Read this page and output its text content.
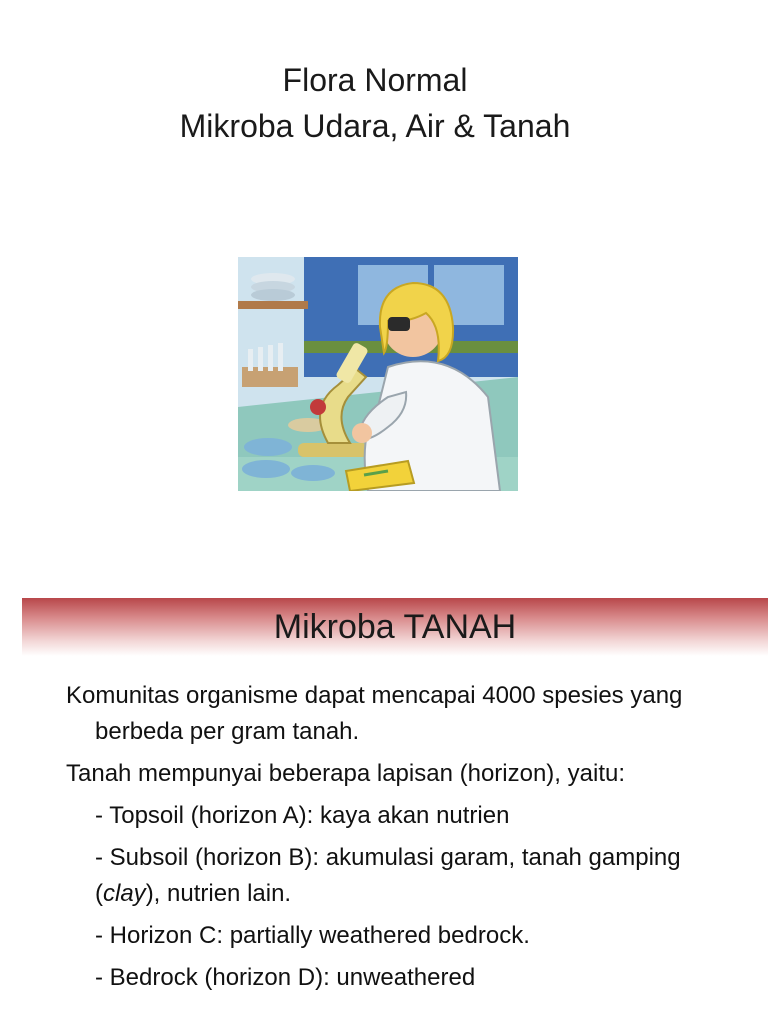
Flora Normal
Mikroba Udara, Air & Tanah
Mikroba TANAH

Komunitas organisme dapat mencapai 4000 spesies yang berbeda per gram tanah.

Tanah mempunyai beberapa lapisan (horizon), yaitu:

- Topsoil (horizon A): kaya akan nutrien

- Subsoil (horizon B): akumulasi garam, tanah gamping (clay), nutrien lain.

- Horizon C: partially weathered bedrock.

- Bedrock (horizon D): unweathered
